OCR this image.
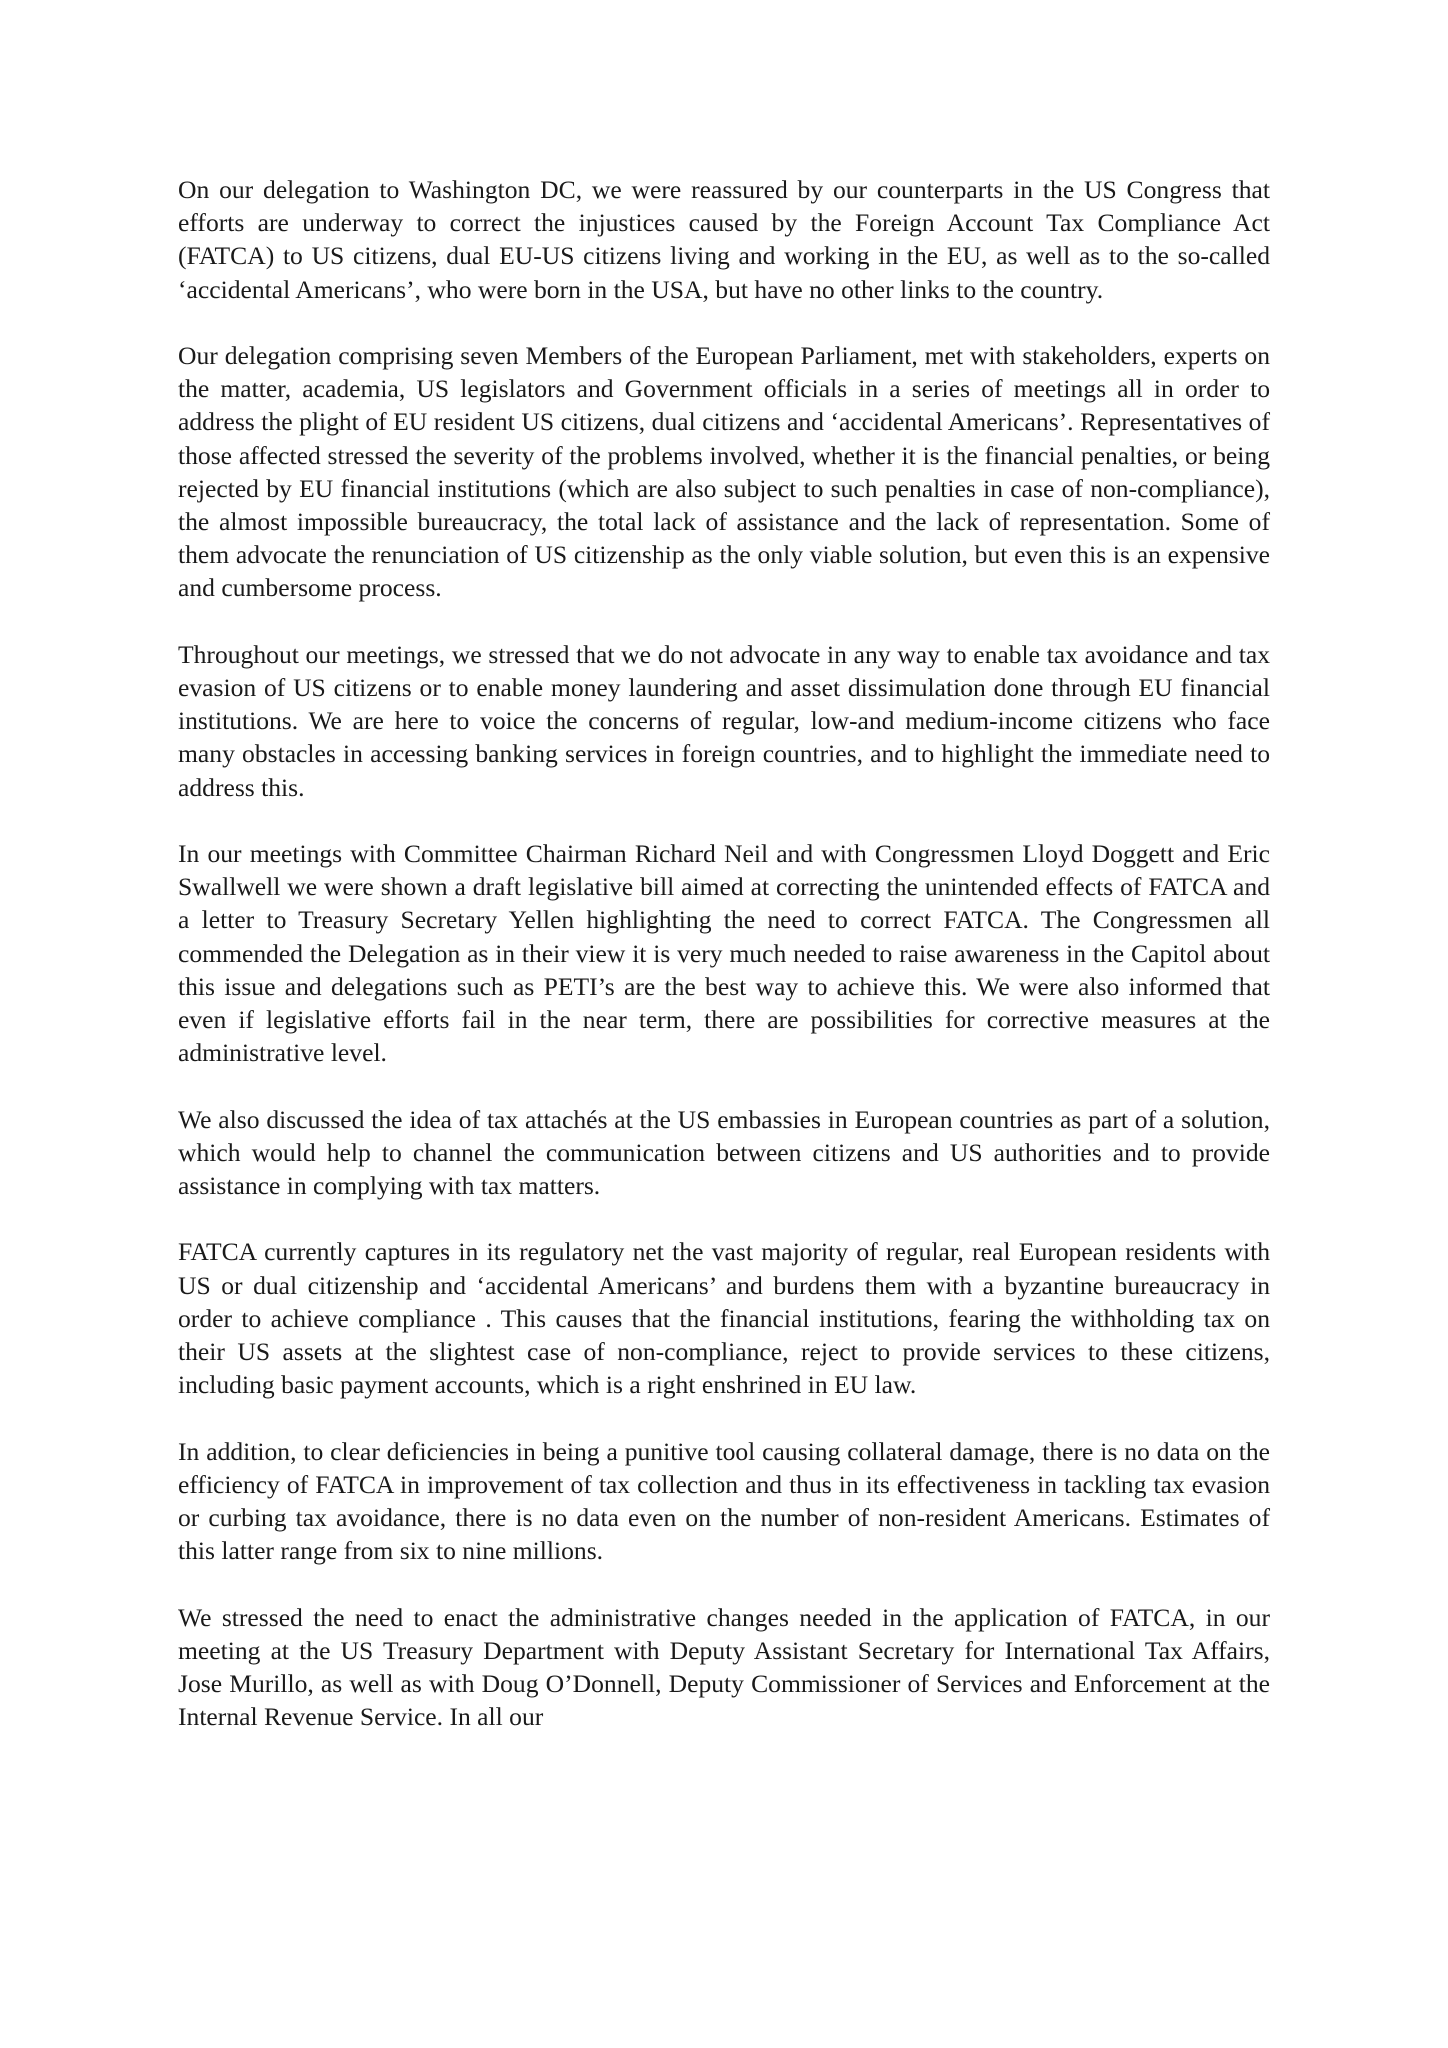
On our delegation to Washington DC, we were reassured by our counterparts in the US Congress that efforts are underway to correct the injustices caused by the Foreign Account Tax Compliance Act (FATCA) to US citizens, dual EU-US citizens living and working in the EU, as well as to the so-called ‘accidental Americans’, who were born in the USA, but have no other links to the country.

Our delegation comprising seven Members of the European Parliament, met with stakeholders, experts on the matter, academia, US legislators and Government officials in a series of meetings all in order to address the plight of EU resident US citizens, dual citizens and ‘accidental Americans’. Representatives of those affected stressed the severity of the problems involved, whether it is the financial penalties, or being rejected by EU financial institutions (which are also subject to such penalties in case of non-compliance), the almost impossible bureaucracy, the total lack of assistance and the lack of representation. Some of them advocate the renunciation of US citizenship as the only viable solution, but even this is an expensive and cumbersome process.

Throughout our meetings, we stressed that we do not advocate in any way to enable tax avoidance and tax evasion of US citizens or to enable money laundering and asset dissimulation done through EU financial institutions. We are here to voice the concerns of regular, low-and medium-income citizens who face many obstacles in accessing banking services in foreign countries, and to highlight the immediate need to address this.

In our meetings with Committee Chairman Richard Neil and with Congressmen Lloyd Doggett and Eric Swallwell we were shown a draft legislative bill aimed at correcting the unintended effects of FATCA and a letter to Treasury Secretary Yellen highlighting the need to correct FATCA. The Congressmen all commended the Delegation as in their view it is very much needed to raise awareness in the Capitol about this issue and delegations such as PETI’s are the best way to achieve this. We were also informed that even if legislative efforts fail in the near term, there are possibilities for corrective measures at the administrative level.

We also discussed the idea of tax attachés at the US embassies in European countries as part of a solution, which would help to channel the communication between citizens and US authorities and to provide assistance in complying with tax matters.

FATCA currently captures in its regulatory net the vast majority of regular, real European residents with US or dual citizenship and ‘accidental Americans’ and burdens them with a byzantine bureaucracy in order to achieve compliance . This causes that the financial institutions, fearing the withholding tax on their US assets at the slightest case of non-compliance, reject to provide services to these citizens, including basic payment accounts, which is a right enshrined in EU law.

In addition, to clear deficiencies in being a punitive tool causing collateral damage, there is no data on the efficiency of FATCA in improvement of tax collection and thus in its effectiveness in tackling tax evasion or curbing tax avoidance, there is no data even on the number of non-resident Americans. Estimates of this latter range from six to nine millions.

We stressed the need to enact the administrative changes needed in the application of FATCA, in our meeting at the US Treasury Department with Deputy Assistant Secretary for International Tax Affairs, Jose Murillo, as well as with Doug O’Donnell, Deputy Commissioner of Services and Enforcement at the Internal Revenue Service. In all our
